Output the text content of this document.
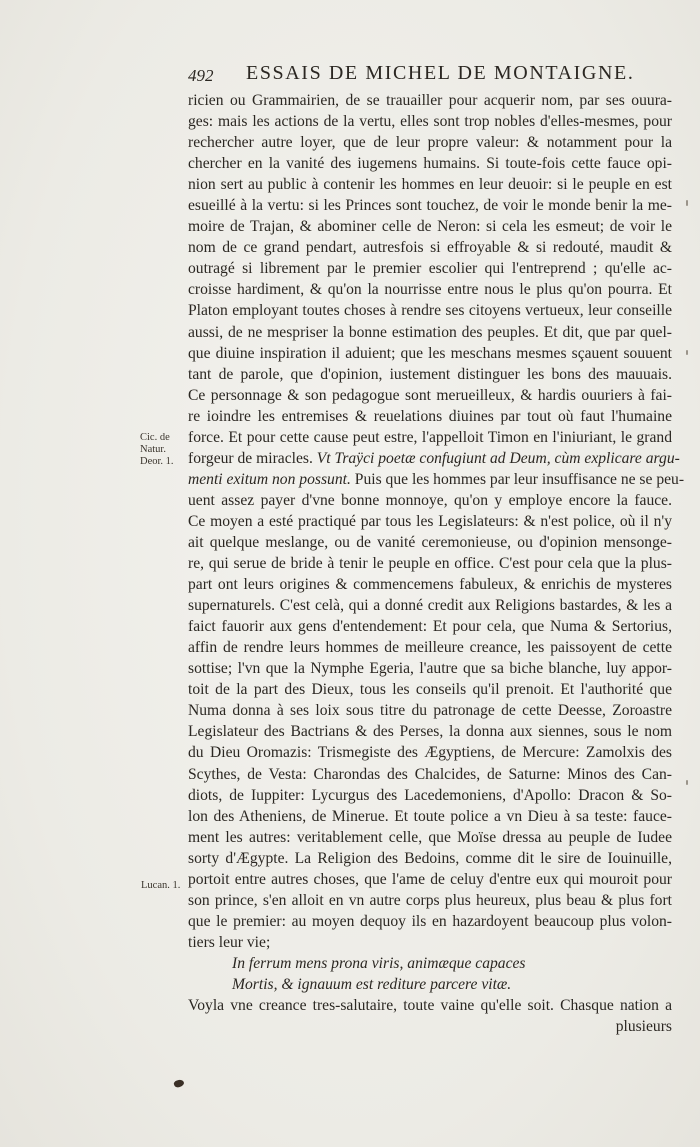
492 ESSAIS DE MICHEL DE MONTAIGNE.
Cic. de
Natur.
Deor. 1.
Lucan. 1.
ricien ou Grammairien, de se trauailler pour acquerir nom, par ses ouura-
ges: mais les actions de la vertu, elles sont trop nobles d'elles-mesmes, pour
rechercher autre loyer, que de leur propre valeur: & notamment pour la
chercher en la vanité des iugemens humains. Si toute-fois cette fauce opi-
nion sert au public à contenir les hommes en leur deuoir: si le peuple en est
esueillé à la vertu: si les Princes sont touchez, de voir le monde benir la me-
moire de Trajan, & abominer celle de Neron: si cela les esmeut; de voir le
nom de ce grand pendart, autresfois si effroyable & si redouté, maudit &
outragé si librement par le premier escolier qui l'entreprend ; qu'elle ac-
croisse hardiment, & qu'on la nourrisse entre nous le plus qu'on pourra. Et
Platon employant toutes choses à rendre ses citoyens vertueux, leur conseille
aussi, de ne mespriser la bonne estimation des peuples. Et dit, que par quel-
que diuine inspiration il aduient; que les meschans mesmes sçauent souuent
tant de parole, que d'opinion, iustement distinguer les bons des mauuais.
Ce personnage & son pedagogue sont merueilleux, & hardis ouuriers à fai-
re ioindre les entremises & reuelations diuines par tout où faut l'humaine
force. Et pour cette cause peut estre, l'appelloit Timon en l'iniuriant, le grand
forgeur de miracles. Vt Traÿci poetæ confugiunt ad Deum, cùm explicare argu-
menti exitum non possunt. Puis que les hommes par leur insuffisance ne se peu-
uent assez payer d'vne bonne monnoye, qu'on y employe encore la fauce.
Ce moyen a esté practiqué par tous les Legislateurs: & n'est police, où il n'y
ait quelque meslange, ou de vanité ceremonieuse, ou d'opinion mensonge-
re, qui serue de bride à tenir le peuple en office. C'est pour cela que la plus-
part ont leurs origines & commencemens fabuleux, & enrichis de mysteres
supernaturels. C'est celà, qui a donné credit aux Religions bastardes, & les a
faict fauorir aux gens d'entendement: Et pour cela, que Numa & Sertorius,
affin de rendre leurs hommes de meilleure creance, les paissoyent de cette
sottise; l'vn que la Nymphe Egeria, l'autre que sa biche blanche, luy appor-
toit de la part des Dieux, tous les conseils qu'il prenoit. Et l'authorité que
Numa donna à ses loix sous titre du patronage de cette Deesse, Zoroastre
Legislateur des Bactrians & des Perses, la donna aux siennes, sous le nom
du Dieu Oromazis: Trismegiste des Ægyptiens, de Mercure: Zamolxis des
Scythes, de Vesta: Charondas des Chalcides, de Saturne: Minos des Can-
diots, de Iuppiter: Lycurgus des Lacedemoniens, d'Apollo: Dracon & So-
lon des Atheniens, de Minerue. Et toute police a vn Dieu à sa teste: fauce-
ment les autres: veritablement celle, que Moïse dressa au peuple de Iudee
sorty d'Ægypte. La Religion des Bedoins, comme dit le sire de Iouinuille,
portoit entre autres choses, que l'ame de celuy d'entre eux qui mouroit pour
son prince, s'en alloit en vn autre corps plus heureux, plus beau & plus fort
que le premier: au moyen dequoy ils en hazardoyent beaucoup plus volon-
tiers leur vie;
In ferrum mens prona viris, animæque capaces
Mortis, & ignauum est rediture parcere vitæ.
Voyla vne creance tres-salutaire, toute vaine qu'elle soit. Chasque nation a
plusieurs
